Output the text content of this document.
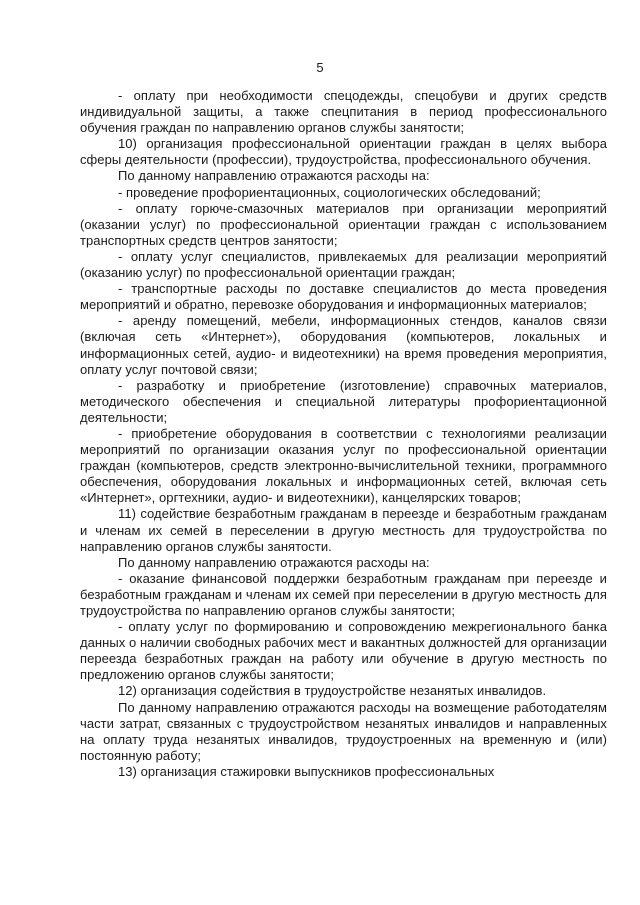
5

- оплату при необходимости спецодежды, спецобуви и других средств индивидуальной защиты, а также спецпитания в период профессионального обучения граждан по направлению органов службы занятости;

10) организация профессиональной ориентации граждан в целях выбора сферы деятельности (профессии), трудоустройства, профессионального обучения.

По данному направлению отражаются расходы на:

- проведение профориентационных, социологических обследований;

- оплату горюче-смазочных материалов при организации мероприятий (оказании услуг) по профессиональной ориентации граждан с использованием транспортных средств центров занятости;

- оплату услуг специалистов, привлекаемых для реализации мероприятий (оказанию услуг) по профессиональной ориентации граждан;

- транспортные расходы по доставке специалистов до места проведения мероприятий и обратно, перевозке оборудования и информационных материалов;

- аренду помещений, мебели, информационных стендов, каналов связи (включая сеть «Интернет»), оборудования (компьютеров, локальных и информационных сетей, аудио- и видеотехники) на время проведения мероприятия, оплату услуг почтовой связи;

- разработку и приобретение (изготовление) справочных материалов, методического обеспечения и специальной литературы профориентационной деятельности;

- приобретение оборудования в соответствии с технологиями реализации мероприятий по организации оказания услуг по профессиональной ориентации граждан (компьютеров, средств электронно-вычислительной техники, программного обеспечения, оборудования локальных и информационных сетей, включая сеть «Интернет», оргтехники, аудио- и видеотехники), канцелярских товаров;

11) содействие безработным гражданам в переезде и безработным гражданам и членам их семей в переселении в другую местность для трудоустройства по направлению органов службы занятости.

По данному направлению отражаются расходы на:

- оказание финансовой поддержки безработным гражданам при переезде и безработным гражданам и членам их семей при переселении в другую местность для трудоустройства по направлению органов службы занятости;

- оплату услуг по формированию и сопровождению межрегионального банка данных о наличии свободных рабочих мест и вакантных должностей для организации переезда безработных граждан на работу или обучение в другую местность по предложению органов службы занятости;

12) организация содействия в трудоустройстве незанятых инвалидов.

По данному направлению отражаются расходы на возмещение работодателям части затрат, связанных с трудоустройством незанятых инвалидов и направленных на оплату труда незанятых инвалидов, трудоустроенных на временную и (или) постоянную работу;

13) организация стажировки выпускников профессиональных
